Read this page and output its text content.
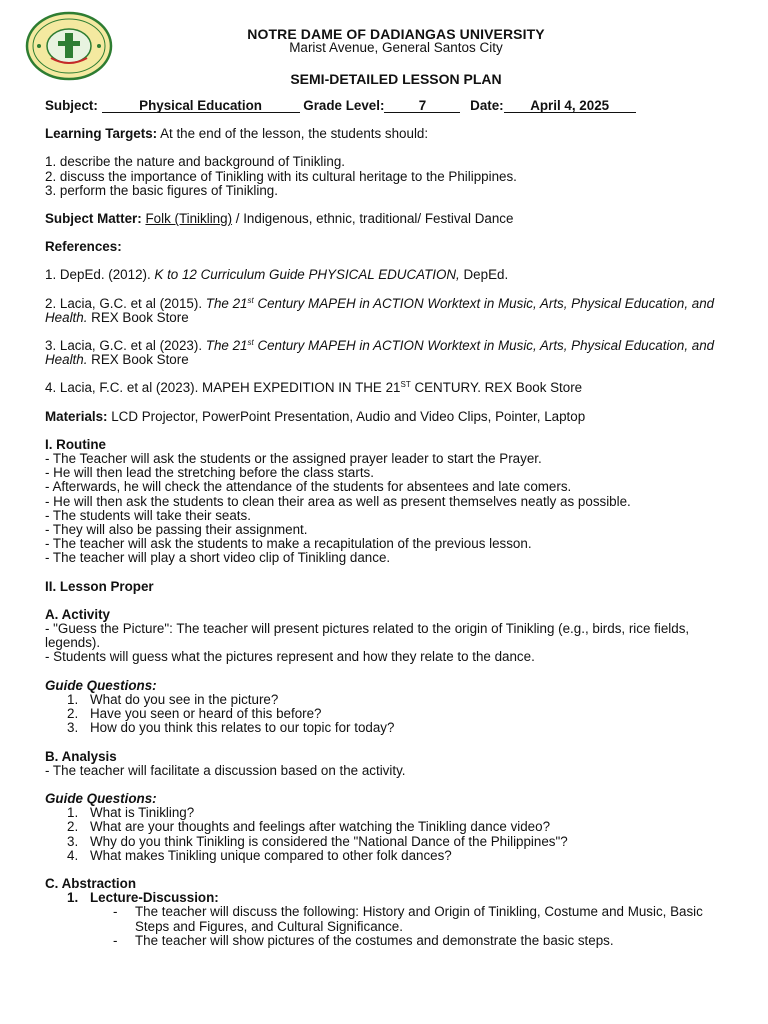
NOTRE DAME OF DADIANGAS UNIVERSITY
Marist Avenue, General Santos City
SEMI-DETAILED LESSON PLAN

Subject:	Physical Education	Grade Level:	7	Date: April 4, 2025

Learning Targets: At the end of the lesson, the students should:

1. describe the nature and background of Tinikling.

2. discuss the importance of Tinikling with its cultural heritage to the Philippines.

3. perform the basic figures of Tinikling.

Subject Matter: Folk (Tinikling) / Indigenous, ethnic, traditional/ Festival Dance

References:

1. DepEd. (2012). K to 12 Curriculum Guide PHYSICAL EDUCATION, DepEd.

2. Lacia, G.C. et al (2015). The 21st Century MAPEH in ACTION Worktext in Music, Arts, Physical Education, and Health. REX Book Store

3. Lacia, G.C. et al (2023). The 21st Century MAPEH in ACTION Worktext in Music, Arts, Physical Education, and Health. REX Book Store

4. Lacia, F.C. et al (2023). MAPEH EXPEDITION IN THE 21ST CENTURY. REX Book Store

Materials: LCD Projector, PowerPoint Presentation, Audio and Video Clips, Pointer, Laptop

I. Routine

- The Teacher will ask the students or the assigned prayer leader to start the Prayer.

- He will then lead the stretching before the class starts.

- Afterwards, he will check the attendance of the students for absentees and late comers.

- He will then ask the students to clean their area as well as present themselves neatly as possible.

- The students will take their seats.

- They will also be passing their assignment.

- The teacher will ask the students to make a recapitulation of the previous lesson.

- The teacher will play a short video clip of Tinikling dance.

II. Lesson Proper

A. Activity

- "Guess the Picture": The teacher will present pictures related to the origin of Tinikling (e.g., birds, rice fields, legends).

- Students will guess what the pictures represent and how they relate to the dance.

Guide Questions:

1. What do you see in the picture?
2. Have you seen or heard of this before?
3. How do you think this relates to our topic for today?

B. Analysis

- The teacher will facilitate a discussion based on the activity.

Guide Questions:

1. What is Tinikling?
2. What are your thoughts and feelings after watching the Tinikling dance video?
3. Why do you think Tinikling is considered the "National Dance of the Philippines"?
4. What makes Tinikling unique compared to other folk dances?

C. Abstraction

1. Lecture-Discussion:
- The teacher will discuss the following: History and Origin of Tinikling, Costume and Music, Basic Steps and Figures, and Cultural Significance.
- The teacher will show pictures of the costumes and demonstrate the basic steps.
